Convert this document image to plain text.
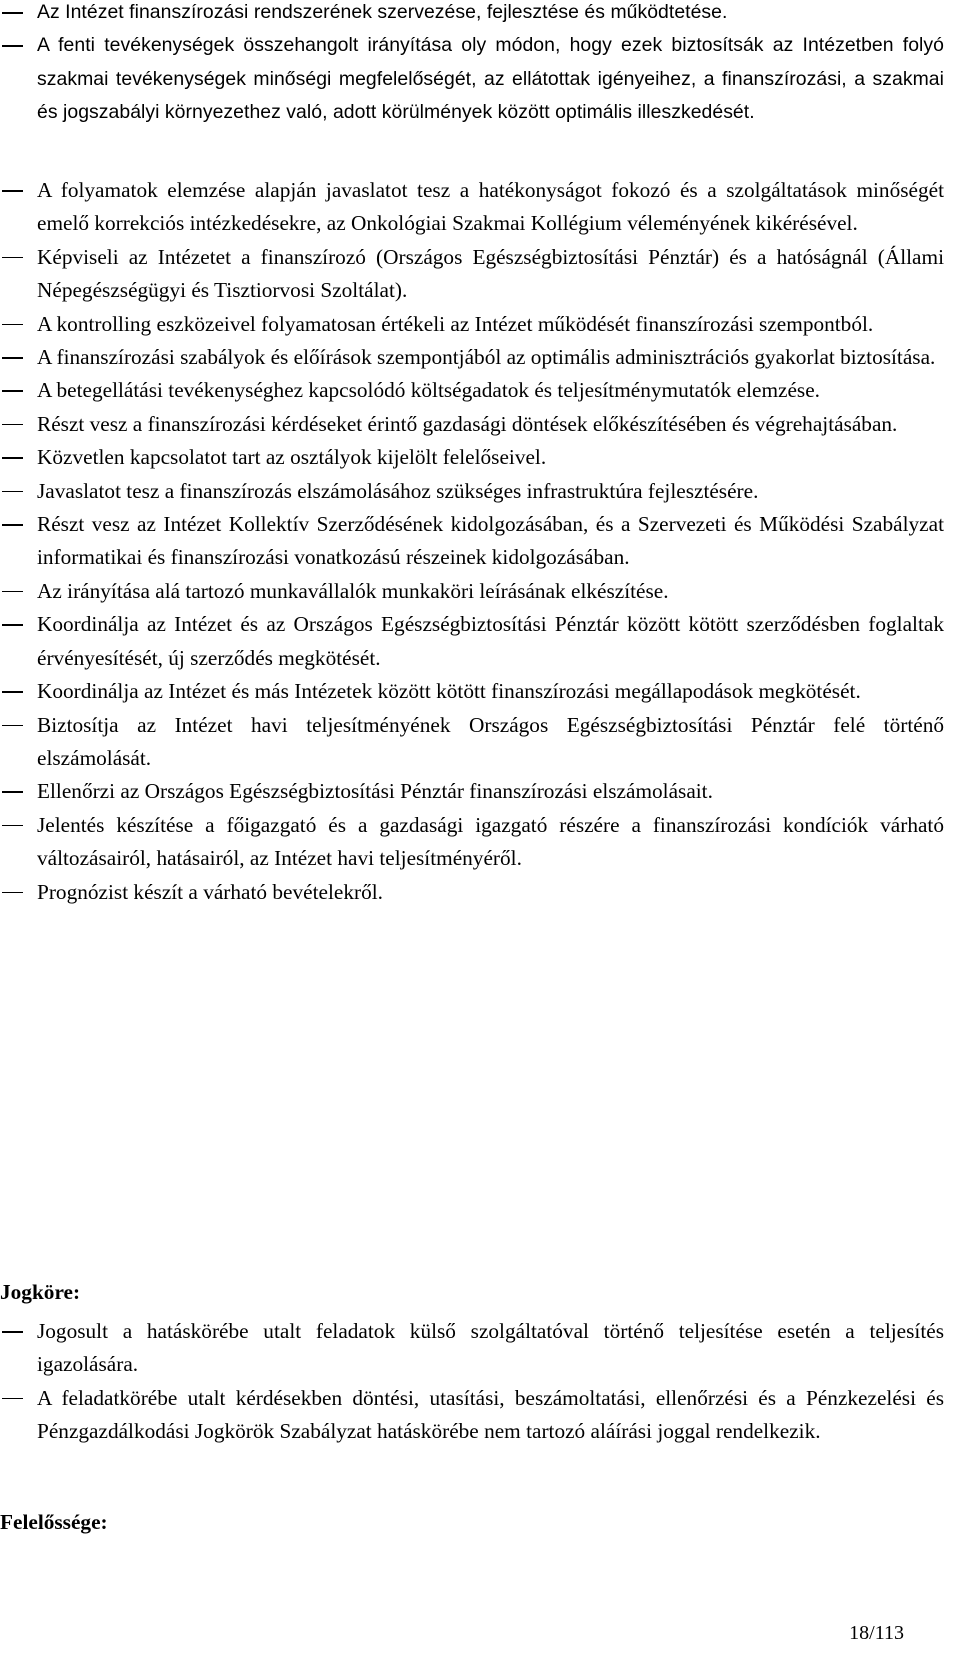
Az Intézet finanszírozási rendszerének szervezése, fejlesztése és működtetése.
A fenti tevékenységek összehangolt irányítása oly módon, hogy ezek biztosítsák az Intézetben folyó szakmai tevékenységek minőségi megfelelőségét, az ellátottak igényeihez, a finanszírozási, a szakmai és jogszabályi környezethez való, adott körülmények között optimális illeszkedését.
A folyamatok elemzése alapján javaslatot tesz a hatékonyságot fokozó és a szolgáltatások minőségét emelő korrekciós intézkedésekre, az Onkológiai Szakmai Kollégium véleményének kikérésével.
Képviseli az Intézetet a finanszírozó (Országos Egészségbiztosítási Pénztár) és a hatóságnál (Állami Népegészségügyi és Tisztiorvosi Szoltálat).
A kontrolling eszközeivel folyamatosan értékeli az Intézet működését finanszírozási szempontból.
A finanszírozási szabályok és előírások szempontjából az optimális adminisztrációs gyakorlat biztosítása.
A betegellátási tevékenységhez kapcsolódó költségadatok és teljesítménymutatók elemzése.
Részt vesz a finanszírozási kérdéseket érintő gazdasági döntések előkészítésében és végrehajtásában.
Közvetlen kapcsolatot tart az osztályok kijelölt felelőseivel.
Javaslatot tesz a finanszírozás elszámolásához szükséges infrastruktúra fejlesztésére.
Részt vesz az Intézet Kollektív Szerződésének kidolgozásában, és a Szervezeti és Működési Szabályzat informatikai és finanszírozási vonatkozású részeinek kidolgozásában.
Az irányítása alá tartozó munkavállalók munkaköri leírásának elkészítése.
Koordinálja az Intézet és az Országos Egészségbiztosítási Pénztár között kötött szerződésben foglaltak érvényesítését, új szerződés megkötését.
Koordinálja az Intézet és más Intézetek között kötött finanszírozási megállapodások megkötését.
Biztosítja az Intézet havi teljesítményének Országos Egészségbiztosítási Pénztár felé történő elszámolását.
Ellenőrzi az Országos Egészségbiztosítási Pénztár finanszírozási elszámolásait.
Jelentés készítése a főigazgató és a gazdasági igazgató részére a finanszírozási kondíciók várható változásairól, hatásairól, az Intézet havi teljesítményéről.
Prognózist készít a várható bevételekről.
Jogköre:
Jogosult a hatáskörébe utalt feladatok külső szolgáltatóval történő teljesítése esetén a teljesítés igazolására.
A feladatkörébe utalt kérdésekben döntési, utasítási, beszámoltatási, ellenőrzési és a Pénzkezelési és Pénzgazdálkodási Jogkörök Szabályzat hatáskörébe nem tartozó aláírási joggal rendelkezik.
Felelőssége:
18/113
